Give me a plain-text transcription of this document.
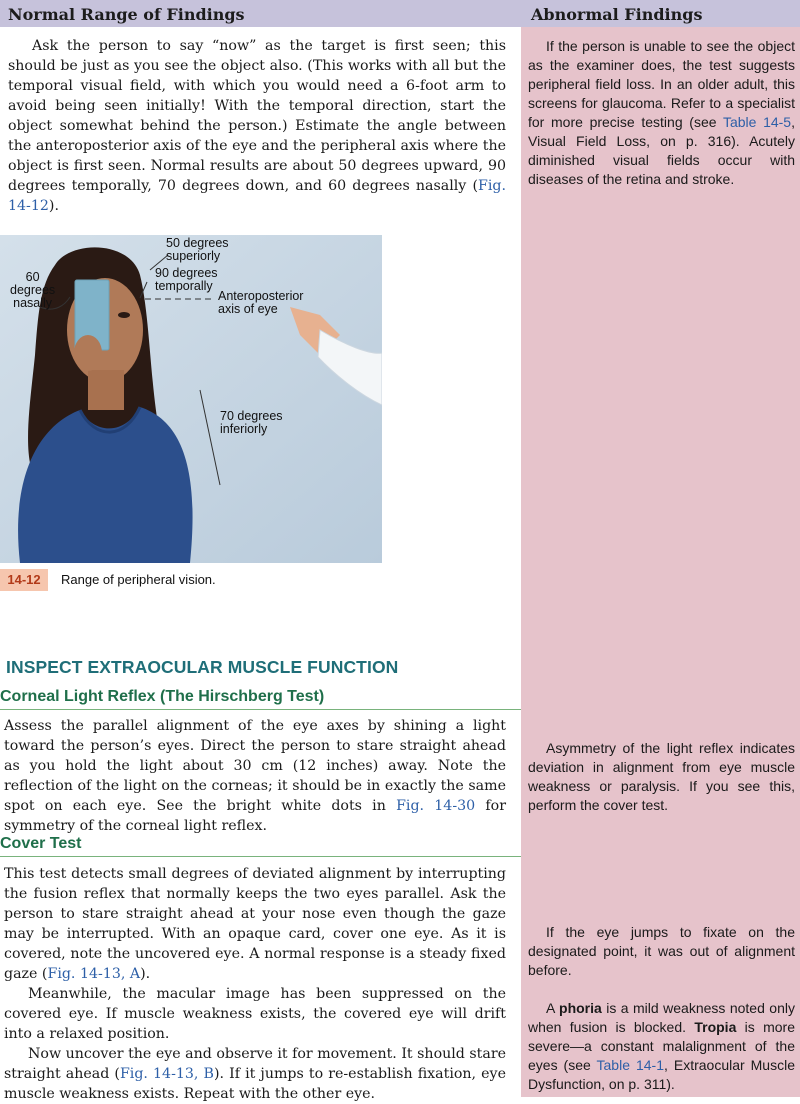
Normal Range of Findings	Abnormal Findings

Ask the person to say “now” as the target is first seen; this should be just as you see the object also. (This works with all but the temporal visual field, with which you would need a 6-foot arm to avoid being seen initially! With the temporal direction, start the object somewhat behind the person.) Estimate the angle between the anteroposterior axis of the eye and the peripheral axis where the object is first seen. Normal results are about 50 degrees upward, 90 degrees temporally, 70 degrees down, and 60 degrees nasally (Fig. 14-12).

If the person is unable to see the object as the examiner does, the test suggests peripheral field loss. In an older adult, this screens for glaucoma. Refer to a specialist for more precise testing (see Table 14-5, Visual Field Loss, on p. 316). Acutely diminished visual fields occur with diseases of the retina and stroke.
50 degrees
superiorly
90 degrees
temporally
60
degrees
nasally	Anteroposterior
axis of eye
70 degrees
inferiorly
14-12	Range of peripheral vision.
INSPECT EXTRAOCULAR MUSCLE FUNCTION
Corneal Light Reflex (The Hirschberg Test)

Assess the parallel alignment of the eye axes by shining a light toward the person’s eyes. Direct the person to stare straight ahead as you hold the light about 30 cm (12 inches) away. Note the reflection of the light on the corneas; it should be in exactly the same spot on each eye. See the bright white dots in Fig. 14-30 for symmetry of the corneal light reflex.

Asymmetry of the light reflex indicates deviation in alignment from eye muscle weakness or paralysis. If you see this, perform the cover test.
Cover Test

This test detects small degrees of deviated alignment by interrupting the fusion reflex that normally keeps the two eyes parallel. Ask the person to stare straight ahead at your nose even though the gaze may be interrupted. With an opaque card, cover one eye. As it is covered, note the uncovered eye. A normal response is a steady fixed gaze (Fig. 14-13, A).

Meanwhile, the macular image has been suppressed on the covered eye. If muscle weakness exists, the covered eye will drift into a relaxed position.

Now uncover the eye and observe it for movement. It should stare straight ahead (Fig. 14-13, B). If it jumps to re-establish fixation, eye muscle weakness exists. Repeat with the other eye.

If the eye jumps to fixate on the designated point, it was out of alignment before.
A phoria is a mild weakness noted only when fusion is blocked. Tropia is more severe—a constant malalignment of the eyes (see Table 14-1, Extraocular Muscle Dysfunction, on p. 311).
